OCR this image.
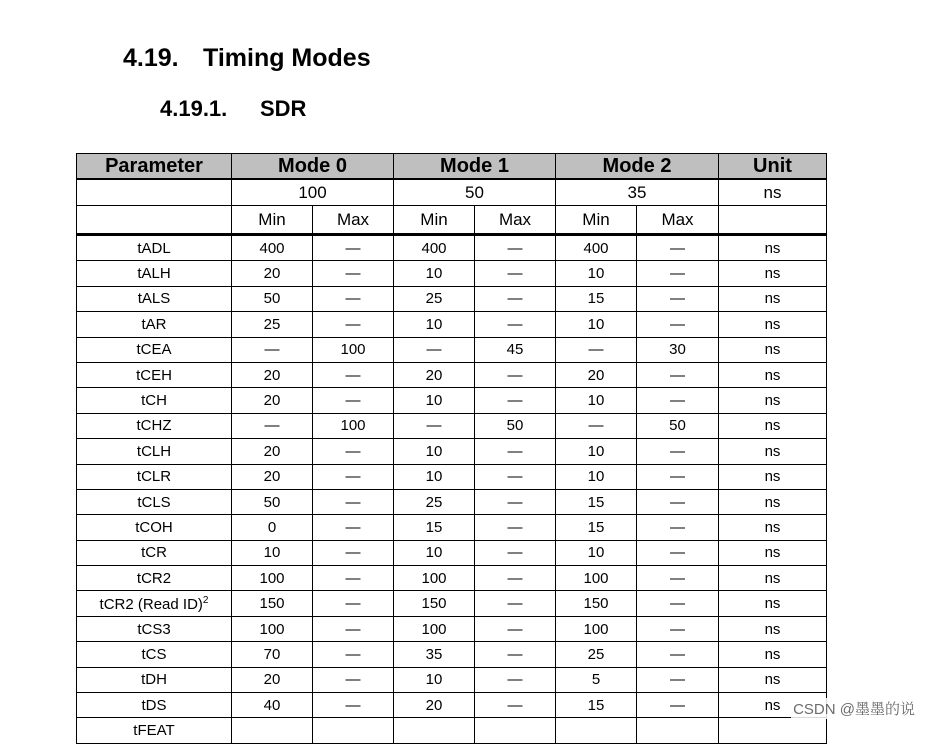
4.19. Timing Modes
4.19.1. SDR
Parameter	Mode 0		Mode 1		Mode 2		Unit
	100		50		35		ns
	Min	Max	Min	Max	Min	Max	
tADL	400	—	400	—	400	—	ns
tALH	20	—	10	—	10	—	ns
tALS	50	—	25	—	15	—	ns
tAR	25	—	10	—	10	—	ns
tCEA	—	100	—	45	—	30	ns
tCEH	20	—	20	—	20	—	ns
tCH	20	—	10	—	10	—	ns
tCHZ	—	100	—	50	—	50	ns
tCLH	20	—	10	—	10	—	ns
tCLR	20	—	10	—	10	—	ns
tCLS	50	—	25	—	15	—	ns
tCOH	0	—	15	—	15	—	ns
tCR	10	—	10	—	10	—	ns
tCR2	100	—	100	—	100	—	ns
tCR2 (Read ID)$^2$	150	—	150	—	150	—	ns
tCS3	100	—	100	—	100	—	ns
tCS	70	—	35	—	25	—	ns
tDH	20	—	10	—	5	—	ns
tDS	40	—	20	—	15	—	ns
tFEAT							
CSDN @墨墨的说
